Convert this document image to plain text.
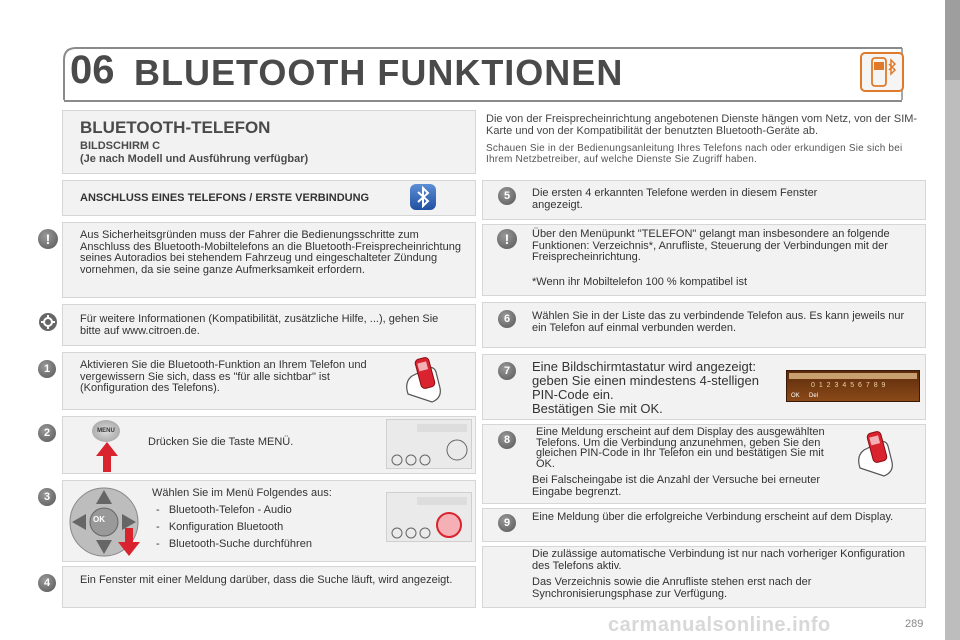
06 BLUETOOTH FUNKTIONEN
BLUETOOTH-TELEFON
BILDSCHIRM C
(Je nach Modell und Ausführung verfügbar)
Die von der Freisprecheinrichtung angebotenen Dienste hängen vom Netz, von der SIM-Karte und von der Kompatibilität der benutzten Bluetooth-Geräte ab.
Schauen Sie in der Bedienungsanleitung Ihres Telefons nach oder erkundigen Sie sich bei Ihrem Netzbetreiber, auf welche Dienste Sie Zugriff haben.
ANSCHLUSS EINES TELEFONS / ERSTE VERBINDUNG
!	Aus Sicherheitsgründen muss der Fahrer die Bedienungsschritte zum Anschluss des Bluetooth-Mobiltelefons an die Bluetooth-Freisprecheinrichtung seines Autoradios bei stehendem Fahrzeug und eingeschalteter Zündung vornehmen, da sie seine ganze Aufmerksamkeit erfordern.
Für weitere Informationen (Kompatibilität, zusätzliche Hilfe, ...), gehen Sie bitte auf www.citroen.de.
1	Aktivieren Sie die Bluetooth-Funktion an Ihrem Telefon und vergewissern Sie sich, dass es "für alle sichtbar" ist (Konfiguration des Telefons).
2	MENU
Drücken Sie die Taste MENÜ.
3
OK
Wählen Sie im Menü Folgendes aus:
-   Bluetooth-Telefon - Audio
-   Konfiguration Bluetooth
-   Bluetooth-Suche durchführen
4	Ein Fenster mit einer Meldung darüber, dass die Suche läuft, wird angezeigt.
5	Die ersten 4 erkannten Telefone werden in diesem Fenster angezeigt.
!	Über den Menüpunkt "TELEFON" gelangt man insbesondere an folgende Funktionen: Verzeichnis*, Anrufliste, Steuerung der Verbindungen mit der Freisprecheinrichtung.
*Wenn ihr Mobiltelefon 100 % kompatibel ist
6	Wählen Sie in der Liste das zu verbindende Telefon aus. Es kann jeweils nur ein Telefon auf einmal verbunden werden.
7	Eine Bildschirmtastatur wird angezeigt: geben Sie einen mindestens 4-stelligen PIN-Code ein.
Bestätigen Sie mit OK.
0 1 2 3 4 5 6 7 8 9
OK Del
8
Eine Meldung erscheint auf dem Display des ausgewählten Telefons. Um die Verbindung anzunehmen, geben Sie den gleichen PIN-Code in Ihr Telefon ein und bestätigen Sie mit OK.
Bei Falscheingabe ist die Anzahl der Versuche bei erneuter Eingabe begrenzt.
9	Eine Meldung über die erfolgreiche Verbindung erscheint auf dem Display.
Die zulässige automatische Verbindung ist nur nach vorheriger Konfiguration des Telefons aktiv.
Das Verzeichnis sowie die Anrufliste stehen erst nach der Synchronisierungsphase zur Verfügung.
carmanualsonline.info	289
